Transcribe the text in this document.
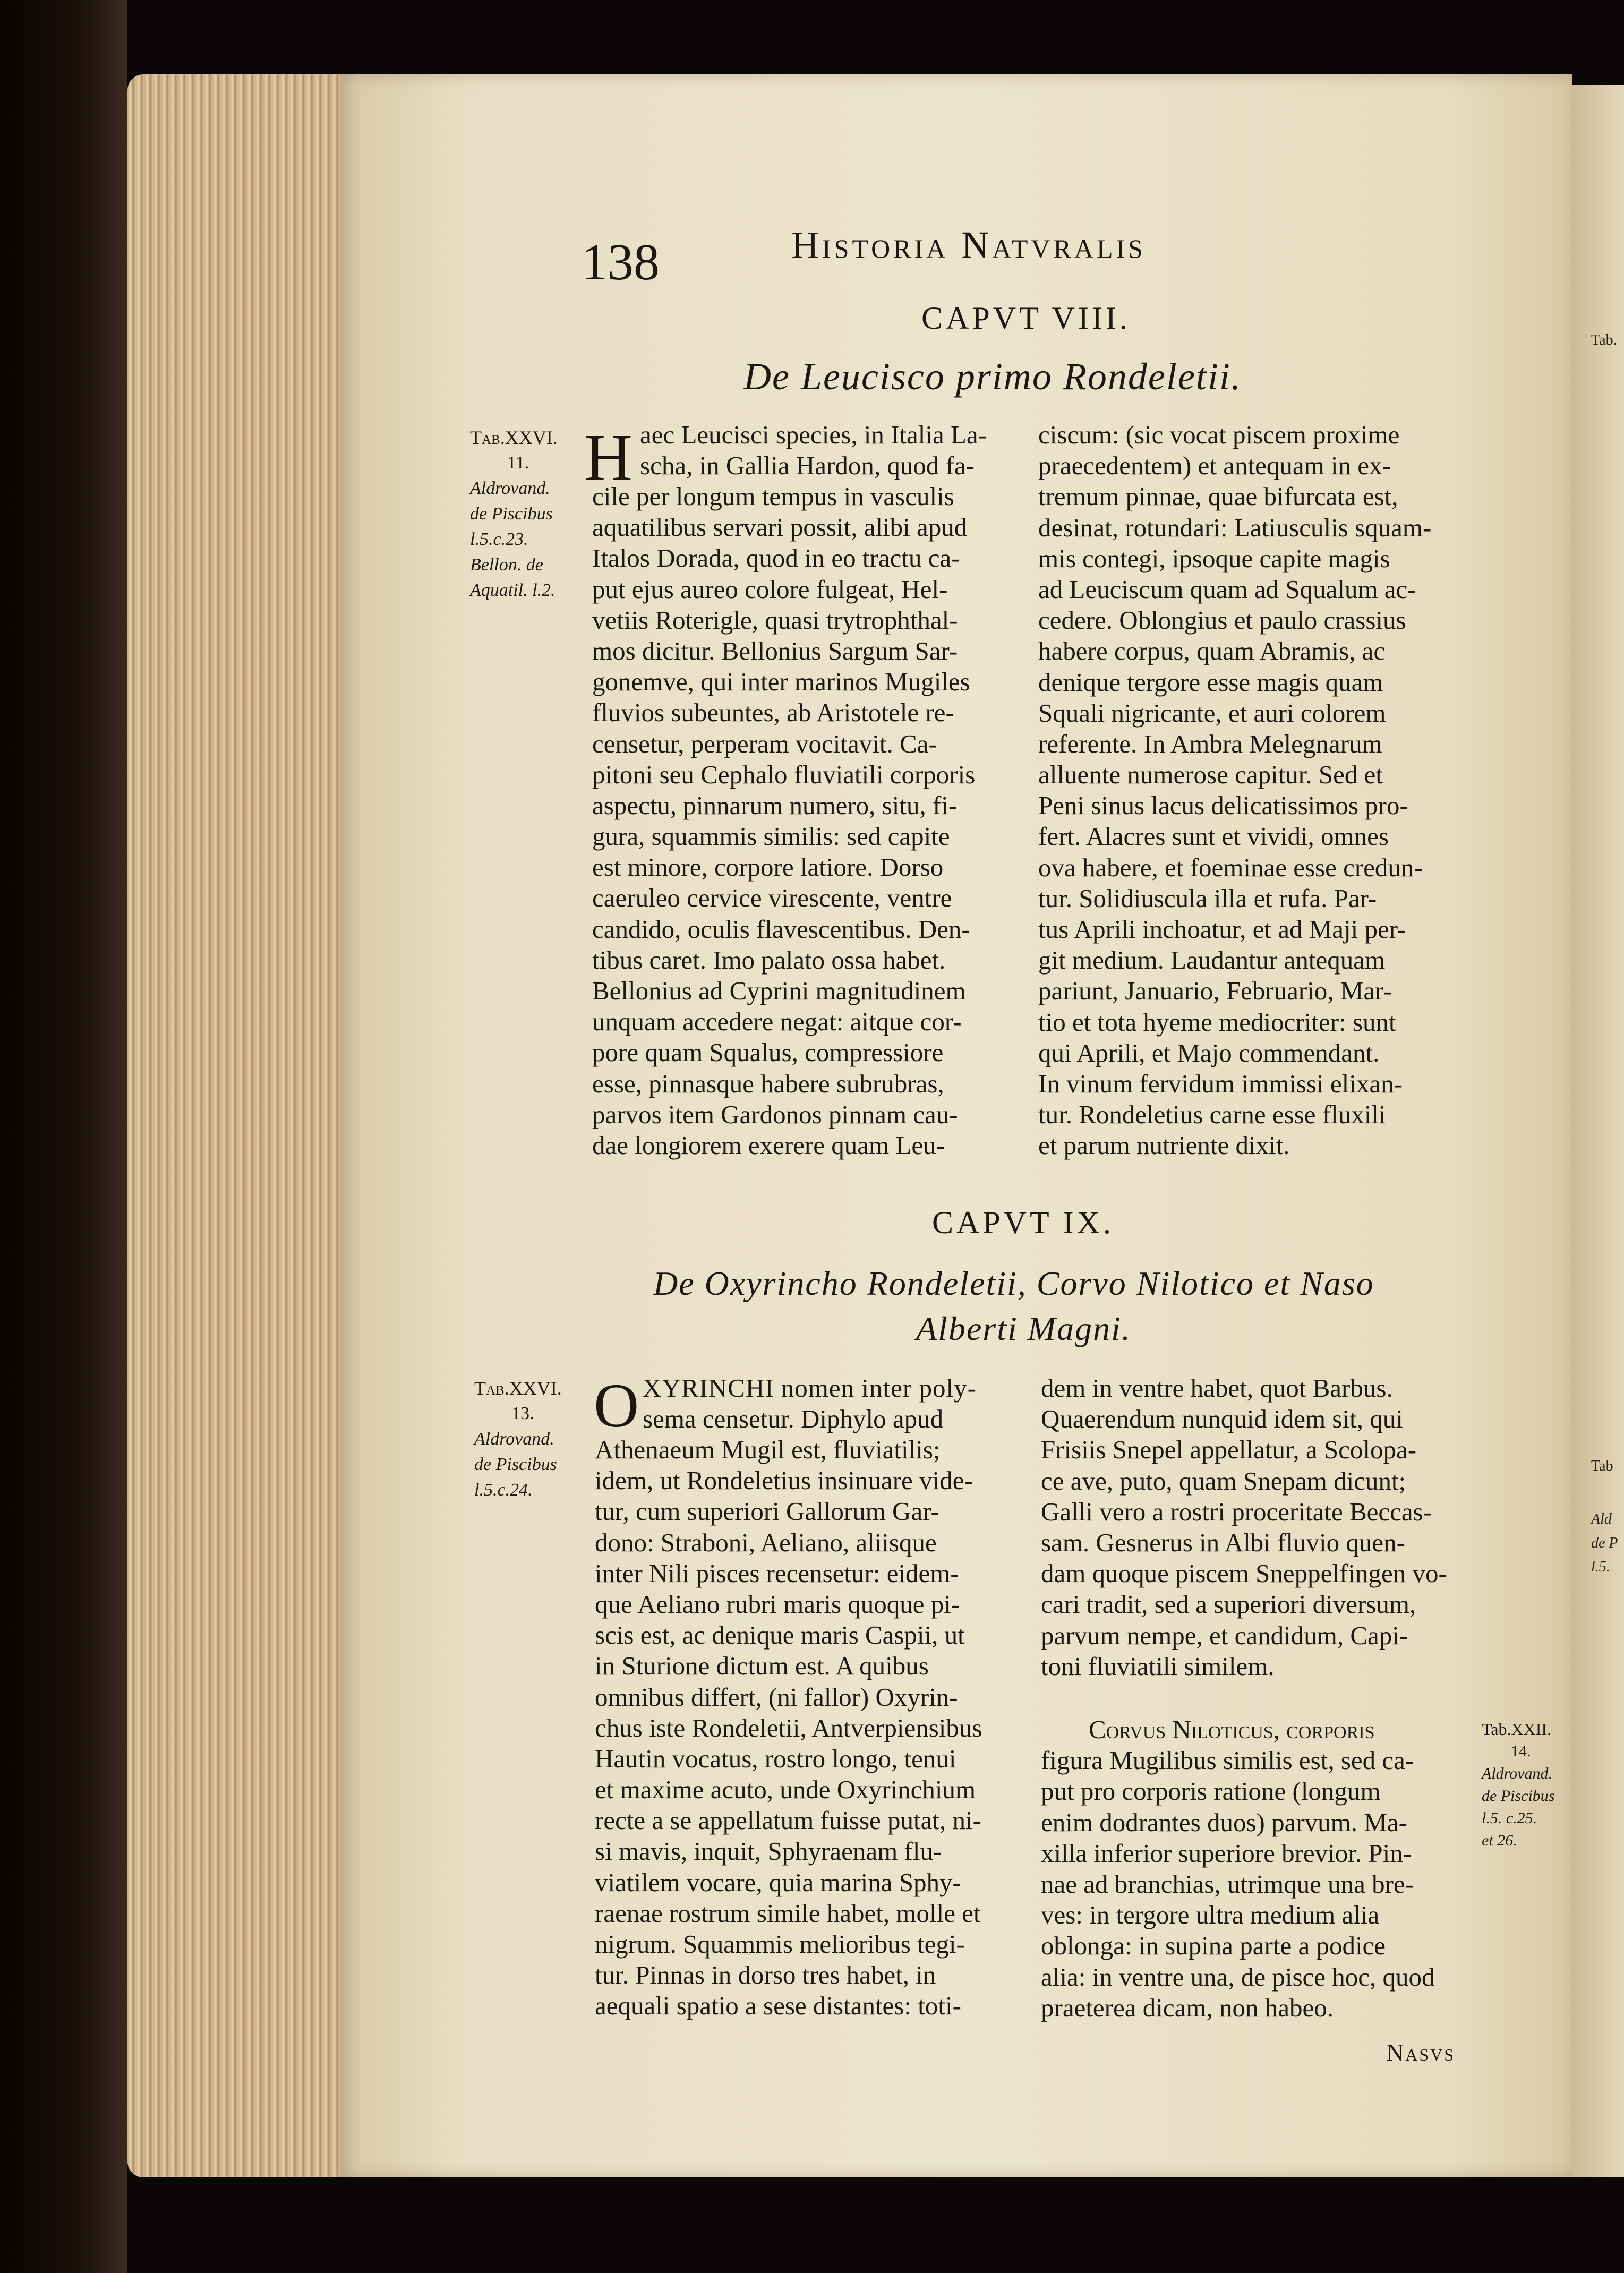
Tab.
Tab
Ald
de P
l.5.
138	Historia Natvralis
CAPVT VIII.
De Leucisco primo Rondeletii.
Tab.XXVI.
11.
Aldrovand.
de Piscibus
l.5.c.23.
Bellon. de
Aquatil. l.2.
H aec Leucisci species, in Italia La-
scha, in Gallia Hardon, quod fa-
cile per longum tempus in vasculis
aquatilibus servari possit, alibi apud
Italos Dorada, quod in eo tractu ca-
put ejus aureo colore fulgeat, Hel-
vetiis Roterigle, quasi trytrophthal-
mos dicitur. Bellonius Sargum Sar-
gonemve, qui inter marinos Mugiles
fluvios subeuntes, ab Aristotele re-
censetur, perperam vocitavit. Ca-
pitoni seu Cephalo fluviatili corporis
aspectu, pinnarum numero, situ, fi-
gura, squammis similis: sed capite
est minore, corpore latiore. Dorso
caeruleo cervice virescente, ventre
candido, oculis flavescentibus. Den-
tibus caret. Imo palato ossa habet.
Bellonius ad Cyprini magnitudinem
unquam accedere negat: aitque cor-
pore quam Squalus, compressiore
esse, pinnasque habere subrubras,
parvos item Gardonos pinnam cau-
dae longiorem exerere quam Leu-
ciscum: (sic vocat piscem proxime
praecedentem) et antequam in ex-
tremum pinnae, quae bifurcata est,
desinat, rotundari: Latiusculis squam-
mis contegi, ipsoque capite magis
ad Leuciscum quam ad Squalum ac-
cedere. Oblongius et paulo crassius
habere corpus, quam Abramis, ac
denique tergore esse magis quam
Squali nigricante, et auri colorem
referente. In Ambra Melegnarum
alluente numerose capitur. Sed et
Peni sinus lacus delicatissimos pro-
fert. Alacres sunt et vividi, omnes
ova habere, et foeminae esse credun-
tur. Solidiuscula illa et rufa. Par-
tus Aprili inchoatur, et ad Maji per-
git medium. Laudantur antequam
pariunt, Januario, Februario, Mar-
tio et tota hyeme mediocriter: sunt
qui Aprili, et Majo commendant.
In vinum fervidum immissi elixan-
tur. Rondeletius carne esse fluxili
et parum nutriente dixit.
CAPVT IX.
De Oxyrincho Rondeletii, Corvo Nilotico et Naso
Alberti Magni.
Tab.XXVI.
13.
Aldrovand.
de Piscibus
l.5.c.24.
O XYRINCHI nomen inter poly-
sema censetur. Diphylo apud
Athenaeum Mugil est, fluviatilis;
idem, ut Rondeletius insinuare vide-
tur, cum superiori Gallorum Gar-
dono: Straboni, Aeliano, aliisque
inter Nili pisces recensetur: eidem-
que Aeliano rubri maris quoque pi-
scis est, ac denique maris Caspii, ut
in Sturione dictum est. A quibus
omnibus differt, (ni fallor) Oxyrin-
chus iste Rondeletii, Antverpiensibus
Hautin vocatus, rostro longo, tenui
et maxime acuto, unde Oxyrinchium
recte a se appellatum fuisse putat, ni-
si mavis, inquit, Sphyraenam flu-
viatilem vocare, quia marina Sphy-
raenae rostrum simile habet, molle et
nigrum. Squammis melioribus tegi-
tur. Pinnas in dorso tres habet, in
aequali spatio a sese distantes: toti-
dem in ventre habet, quot Barbus.
Quaerendum nunquid idem sit, qui
Frisiis Snepel appellatur, a Scolopa-
ce ave, puto, quam Snepam dicunt;
Galli vero a rostri proceritate Beccas-
sam. Gesnerus in Albi fluvio quen-
dam quoque piscem Sneppelfingen vo-
cari tradit, sed a superiori diversum,
parvum nempe, et candidum, Capi-
toni fluviatili similem.
Corvus Niloticus, corporis
figura Mugilibus similis est, sed ca-
put pro corporis ratione (longum
enim dodrantes duos) parvum. Ma-
xilla inferior superiore brevior. Pin-
nae ad branchias, utrimque una bre-
ves: in tergore ultra medium alia
oblonga: in supina parte a podice
alia: in ventre una, de pisce hoc, quod
praeterea dicam, non habeo.
Tab.XXII.
14.
Aldrovand.
de Piscibus
l.5. c.25.
et 26.
Nasvs
